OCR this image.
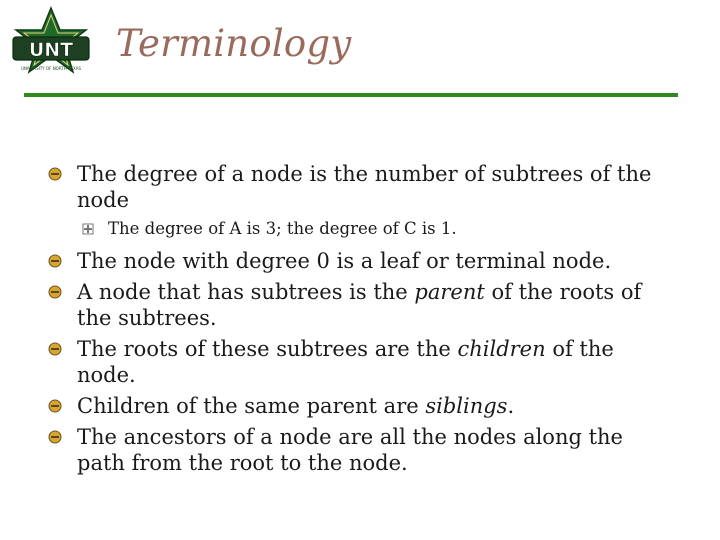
UNT
UNIVERSITY OF NORTH TEXAS
Terminology
The degree of a node is the number of subtrees of the node
The degree of A is 3; the degree of C is 1.
The node with degree 0 is a leaf or terminal node.
A node that has subtrees is the parent of the roots of the subtrees.
The roots of these subtrees are the children of the node.
Children of the same parent are siblings.
The ancestors of a node are all the nodes along the path from the root to the node.
